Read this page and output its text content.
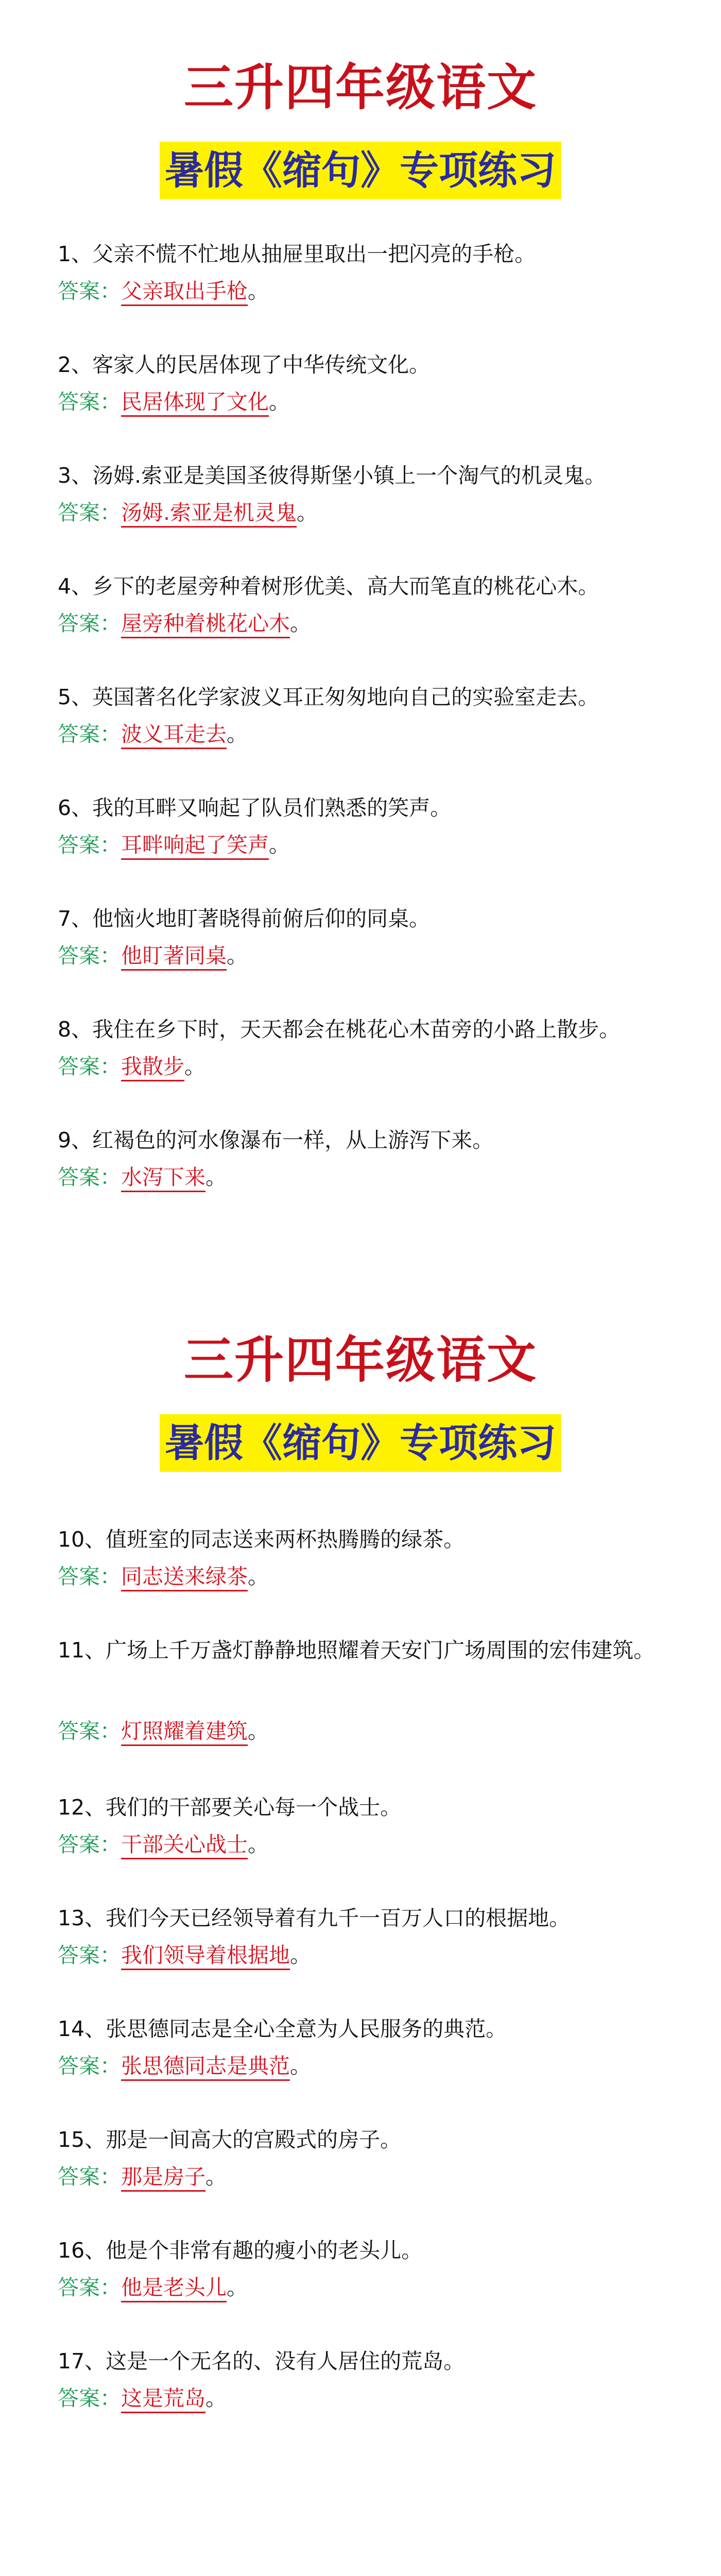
三升四年级语文
暑假《缩句》专项练习
三升四年级语文
暑假《缩句》专项练习
1、父亲不慌不忙地从抽屉里取出一把闪亮的手枪。
答案：父亲取出手枪。
2、客家人的民居体现了中华传统文化。
答案：民居体现了文化。
3、汤姆.索亚是美国圣彼得斯堡小镇上一个淘气的机灵鬼。
答案：汤姆.索亚是机灵鬼。
4、乡下的老屋旁种着树形优美、高大而笔直的桃花心木。
答案：屋旁种着桃花心木。
5、英国著名化学家波义耳正匆匆地向自己的实验室走去。
答案：波义耳走去。
6、我的耳畔又响起了队员们熟悉的笑声。
答案：耳畔响起了笑声。
7、他恼火地盯著晓得前俯后仰的同桌。
答案：他盯著同桌。
8、我住在乡下时，天天都会在桃花心木苗旁的小路上散步。
答案：我散步。
9、红褐色的河水像瀑布一样，从上游泻下来。
答案：水泻下来。
10、值班室的同志送来两杯热腾腾的绿茶。
答案：同志送来绿茶。
11、广场上千万盏灯静静地照耀着天安门广场周围的宏伟建筑。
答案：灯照耀着建筑。
12、我们的干部要关心每一个战士。
答案：干部关心战士。
13、我们今天已经领导着有九千一百万人口的根据地。
答案：我们领导着根据地。
14、张思德同志是全心全意为人民服务的典范。
答案：张思德同志是典范。
15、那是一间高大的宫殿式的房子。
答案：那是房子。
16、他是个非常有趣的瘦小的老头儿。
答案：他是老头儿。
17、这是一个无名的、没有人居住的荒岛。
答案：这是荒岛。
